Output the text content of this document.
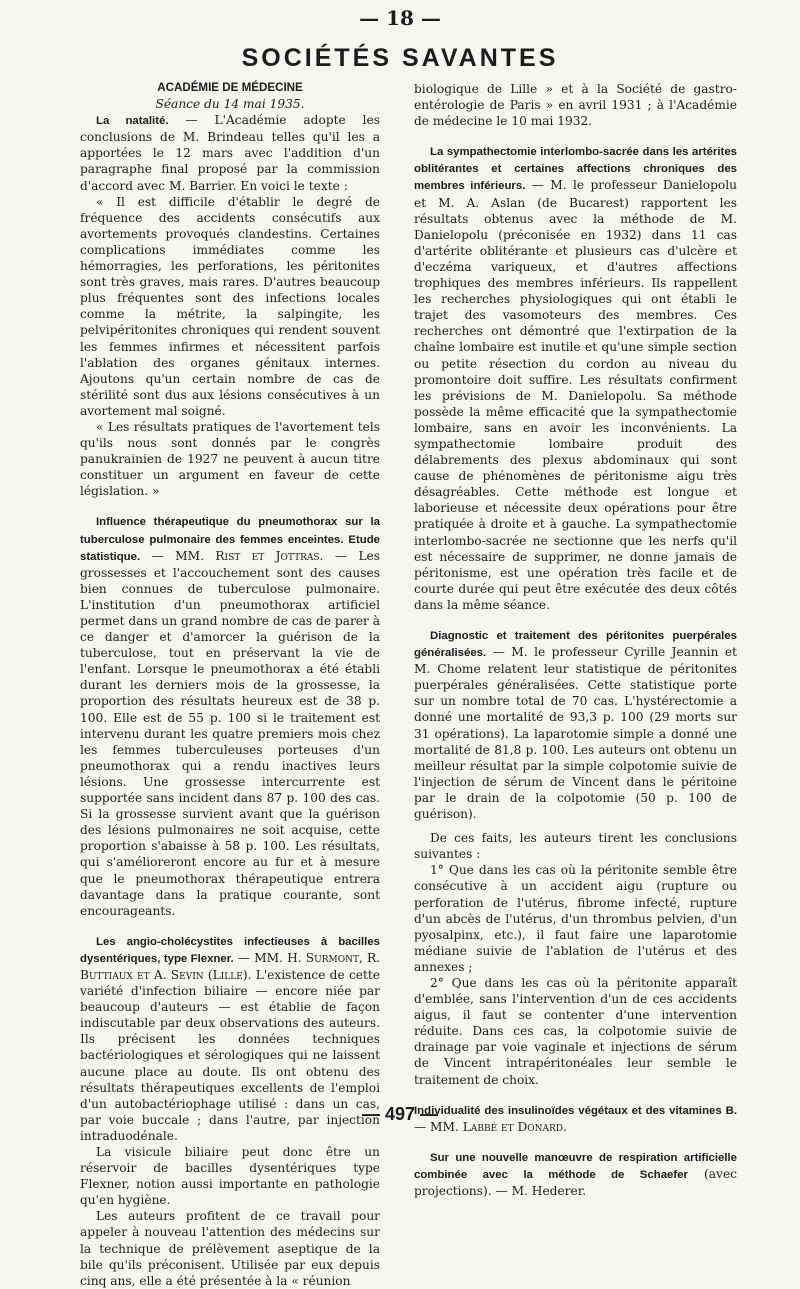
— 18 —
SOCIÉTÉS SAVANTES

ACADÉMIE DE MÉDECINE

Séance du 14 mai 1935.

La natalité. — L'Académie adopte les conclusions de M. Brindeau telles qu'il les a apportées le 12 mars avec l'addition d'un paragraphe final proposé par la commission d'accord avec M. Barrier. En voici le texte :

« Il est difficile d'établir le degré de fréquence des accidents consécutifs aux avortements provoqués clandestins. Certaines complications immédiates comme les hémorragies, les perforations, les péritonites sont très graves, mais rares. D'autres beaucoup plus fréquentes sont des infections locales comme la métrite, la salpingite, les pelvipéritonites chroniques qui rendent souvent les femmes infirmes et nécessitent parfois l'ablation des organes génitaux internes. Ajoutons qu'un certain nombre de cas de stérilité sont dus aux lésions consécutives à un avortement mal soigné.

« Les résultats pratiques de l'avortement tels qu'ils nous sont donnés par le congrès panukrainien de 1927 ne peuvent à aucun titre constituer un argument en faveur de cette législation. »

Influence thérapeutique du pneumothorax sur la tuberculose pulmonaire des femmes enceintes. Etude statistique. — MM. Rist et Jottras. — Les grossesses et l'accouchement sont des causes bien connues de tuberculose pulmonaire. L'institution d'un pneumothorax artificiel permet dans un grand nombre de cas de parer à ce danger et d'amorcer la guérison de la tuberculose, tout en préservant la vie de l'enfant. Lorsque le pneumothorax a été établi durant les derniers mois de la grossesse, la proportion des résultats heureux est de 38 p. 100. Elle est de 55 p. 100 si le traitement est intervenu durant les quatre premiers mois chez les femmes tuberculeuses porteuses d'un pneumothorax qui a rendu inactives leurs lésions. Une grossesse intercurrente est supportée sans incident dans 87 p. 100 des cas. Si la grossesse survient avant que la guérison des lésions pulmonaires ne soit acquise, cette proportion s'abaisse à 58 p. 100. Les résultats, qui s'amélioreront encore au fur et à mesure que le pneumothorax thérapeutique entrera davantage dans la pratique courante, sont encourageants.

Les angio-cholécystites infectieuses à bacilles dysentériques, type Flexner. — MM. H. Surmont, R. Buttiaux et A. Sevin (Lille). L'existence de cette variété d'infection biliaire — encore niée par beaucoup d'auteurs — est établie de façon indiscutable par deux observations des auteurs. Ils précisent les données techniques bactériologiques et sérologiques qui ne laissent aucune place au doute. Ils ont obtenu des résultats thérapeutiques excellents de l'emploi d'un autobactériophage utilisé : dans un cas, par voie buccale ; dans l'autre, par injection intraduodénale.

La visicule biliaire peut donc être un réservoir de bacilles dysentériques type Flexner, notion aussi importante en pathologie qu'en hygiène.

Les auteurs profitent de ce travail pour appeler à nouveau l'attention des médecins sur la technique de prélèvement aseptique de la bile qu'ils préconisent. Utilisée par eux depuis cinq ans, elle a été présentée à la « réunion

biologique de Lille » et à la Société de gastro-entérologie de Paris » en avril 1931 ; à l'Académie de médecine le 10 mai 1932.

La sympathectomie interlombo-sacrée dans les artérites oblitérantes et certaines affections chroniques des membres inférieurs. — M. le professeur Danielopolu et M. A. Aslan (de Bucarest) rapportent les résultats obtenus avec la méthode de M. Danielopolu (préconisée en 1932) dans 11 cas d'artérite oblitérante et plusieurs cas d'ulcère et d'eczéma variqueux, et d'autres affections trophiques des membres inférieurs. Ils rappellent les recherches physiologiques qui ont établi le trajet des vasomoteurs des membres. Ces recherches ont démontré que l'extirpation de la chaîne lombaire est inutile et qu'une simple section ou petite résection du cordon au niveau du promontoire doit suffire. Les résultats confirment les prévisions de M. Danielopolu. Sa méthode possède la même efficacité que la sympathectomie lombaire, sans en avoir les inconvénients. La sympathectomie lombaire produit des délabrements des plexus abdominaux qui sont cause de phénomènes de péritonisme aigu très désagréables. Cette méthode est longue et laborieuse et nécessite deux opérations pour être pratiquée à droite et à gauche. La sympathectomie interlombo-sacrée ne sectionne que les nerfs qu'il est nécessaire de supprimer, ne donne jamais de péritonisme, est une opération très facile et de courte durée qui peut être exécutée des deux côtés dans la même séance.

Diagnostic et traitement des péritonites puerpérales généralisées. — M. le professeur Cyrille Jeannin et M. Chome relatent leur statistique de péritonites puerpérales généralisées. Cette statistique porte sur un nombre total de 70 cas. L'hystérectomie a donné une mortalité de 93,3 p. 100 (29 morts sur 31 opérations). La laparotomie simple a donné une mortalité de 81,8 p. 100. Les auteurs ont obtenu un meilleur résultat par la simple colpotomie suivie de l'injection de sérum de Vincent dans le péritoine par le drain de la colpotomie (50 p. 100 de guérison).

De ces faits, les auteurs tirent les conclusions suivantes :

1° Que dans les cas où la péritonite semble être consécutive à un accident aigu (rupture ou perforation de l'utérus, fibrome infecté, rupture d'un abcès de l'utérus, d'un thrombus pelvien, d'un pyosalpinx, etc.), il faut faire une laparotomie médiane suivie de l'ablation de l'utérus et des annexes ;

2° Que dans les cas où la péritonite apparaît d'emblée, sans l'intervention d'un de ces accidents aigus, il faut se contenter d'une intervention réduite. Dans ces cas, la colpotomie suivie de drainage par voie vaginale et injections de sérum de Vincent intrapéritonéales leur semble le traitement de choix.

Individualité des insulinoïdes végétaux et des vitamines B. — MM. Labbé et Donard.

Sur une nouvelle manœuvre de respiration artificielle combinée avec la méthode de Schaefer (avec projections). — M. Hederer.

— 497 —
